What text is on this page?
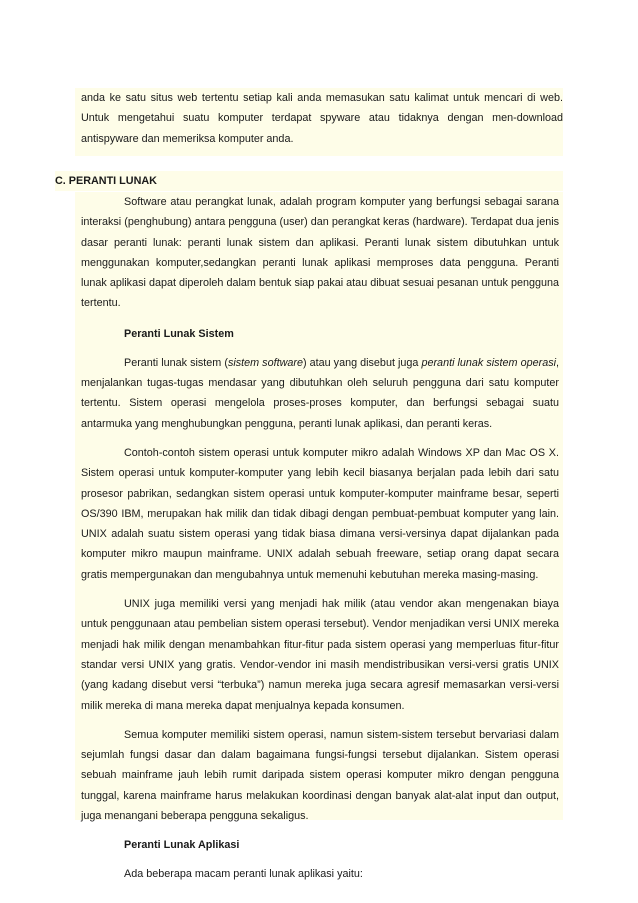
anda ke satu situs web tertentu setiap kali anda memasukan satu kalimat untuk mencari di web. Untuk mengetahui suatu komputer terdapat spyware atau tidaknya dengan men-download antispyware dan memeriksa komputer anda.

C. PERANTI LUNAK

Software atau perangkat lunak, adalah program komputer yang berfungsi sebagai sarana interaksi (penghubung) antara pengguna (user) dan perangkat keras (hardware). Terdapat dua jenis dasar peranti lunak: peranti lunak sistem dan aplikasi. Peranti lunak sistem dibutuhkan untuk menggunakan komputer,sedangkan peranti lunak aplikasi memproses data pengguna. Peranti lunak aplikasi dapat diperoleh dalam bentuk siap pakai atau dibuat sesuai pesanan untuk pengguna tertentu.

Peranti Lunak Sistem

Peranti lunak sistem (sistem software) atau yang disebut juga peranti lunak sistem operasi, menjalankan tugas-tugas mendasar yang dibutuhkan oleh seluruh pengguna dari satu komputer tertentu. Sistem operasi mengelola proses-proses komputer, dan berfungsi sebagai suatu antarmuka yang menghubungkan pengguna, peranti lunak aplikasi, dan peranti keras.

Contoh-contoh sistem operasi untuk komputer mikro adalah Windows XP dan Mac OS X. Sistem operasi untuk komputer-komputer yang lebih kecil biasanya berjalan pada lebih dari satu prosesor pabrikan, sedangkan sistem operasi untuk komputer-komputer mainframe besar, seperti OS/390 IBM, merupakan hak milik dan tidak dibagi dengan pembuat-pembuat komputer yang lain. UNIX adalah suatu sistem operasi yang tidak biasa dimana versi-versinya dapat dijalankan pada komputer mikro maupun mainframe. UNIX adalah sebuah freeware, setiap orang dapat secara gratis mempergunakan dan mengubahnya untuk memenuhi kebutuhan mereka masing-masing.

UNIX juga memiliki versi yang menjadi hak milik (atau vendor akan mengenakan biaya untuk penggunaan atau pembelian sistem operasi tersebut). Vendor menjadikan versi UNIX mereka menjadi hak milik dengan menambahkan fitur-fitur pada sistem operasi yang memperluas fitur-fitur standar versi UNIX yang gratis. Vendor-vendor ini masih mendistribusikan versi-versi gratis UNIX (yang kadang disebut versi “terbuka”) namun mereka juga secara agresif memasarkan versi-versi milik mereka di mana mereka dapat menjualnya kepada konsumen.

Semua komputer memiliki sistem operasi, namun sistem-sistem tersebut bervariasi dalam sejumlah fungsi dasar dan dalam bagaimana fungsi-fungsi tersebut dijalankan. Sistem operasi sebuah mainframe jauh lebih rumit daripada sistem operasi komputer mikro dengan pengguna tunggal, karena mainframe harus melakukan koordinasi dengan banyak alat-alat input dan output, juga menangani beberapa pengguna sekaligus.

Peranti Lunak Aplikasi

Ada beberapa macam peranti lunak aplikasi yaitu:
